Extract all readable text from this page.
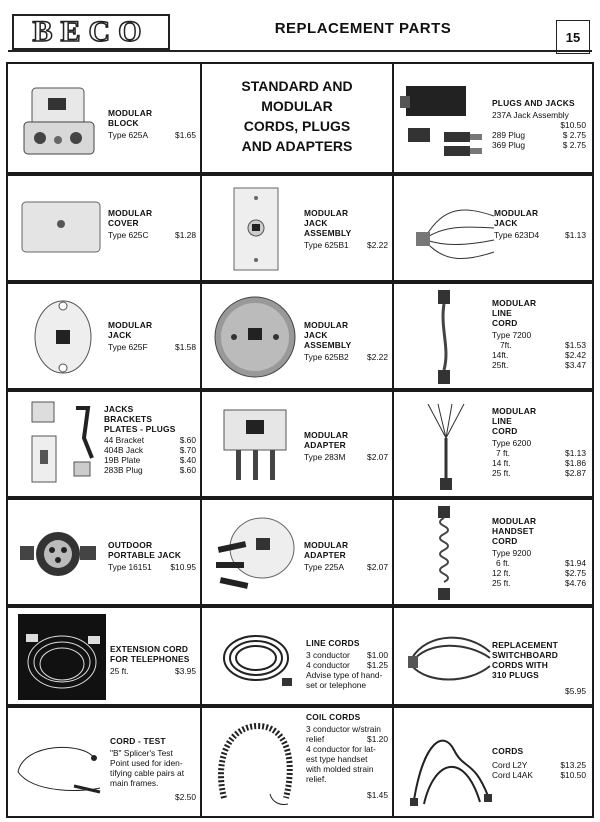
BECO	REPLACEMENT PARTS	15
MODULAR
BLOCK
Type 625A	$1.65
STANDARD AND
MODULAR
CORDS, PLUGS
AND ADAPTERS
PLUGS AND JACKS
237A Jack Assembly
$10.50
289 Plug	$ 2.75
369 Plug	$ 2.75
MODULAR
COVER
Type 625C	$1.28
MODULAR
JACK
ASSEMBLY
Type 625B1 $2.22
MODULAR
JACK
Type 623D4	$1.13
MODULAR
JACK
Type 625F	$1.58
MODULAR
JACK
ASSEMBLY
Type 625B2 $2.22
MODULAR
LINE
CORD
Type 7200
7ft.	$1.53
14ft.	$2.42
25ft.	$3.47
JACKS
BRACKETS
PLATES - PLUGS
44 Bracket	$.60
404B Jack	$.70
19B Plate	$.40
283B Plug	$.60
MODULAR
ADAPTER
Type 283M	$2.07
MODULAR
LINE
CORD
Type 6200
7 ft.	$1.13
14 ft.	$1.86
25 ft.	$2.87
OUTDOOR
PORTABLE JACK
Type 16151 $10.95
MODULAR
ADAPTER
Type 225A	$2.07
MODULAR
HANDSET
CORD
Type 9200
6 ft.	$1.94
12 ft.	$2.75
25 ft.	$4.76
EXTENSION CORD
FOR TELEPHONES
25 ft.	$3.95
LINE CORDS
3 conductor $1.00
4 conductor $1.25
Advise type of hand-
set or telephone
REPLACEMENT
SWITCHBOARD
CORDS WITH
310 PLUGS
$5.95
CORD - TEST
"B" Splicer's Test
Point used for iden-
tifying cable pairs at
main frames.
$2.50
COIL CORDS
3 conductor w/strain
relief	$1.20
4 conductor for lat-
est type handset
with molded strain
relief.
$1.45
CORDS
Cord L2Y	$13.25
Cord L4AK	$10.50
